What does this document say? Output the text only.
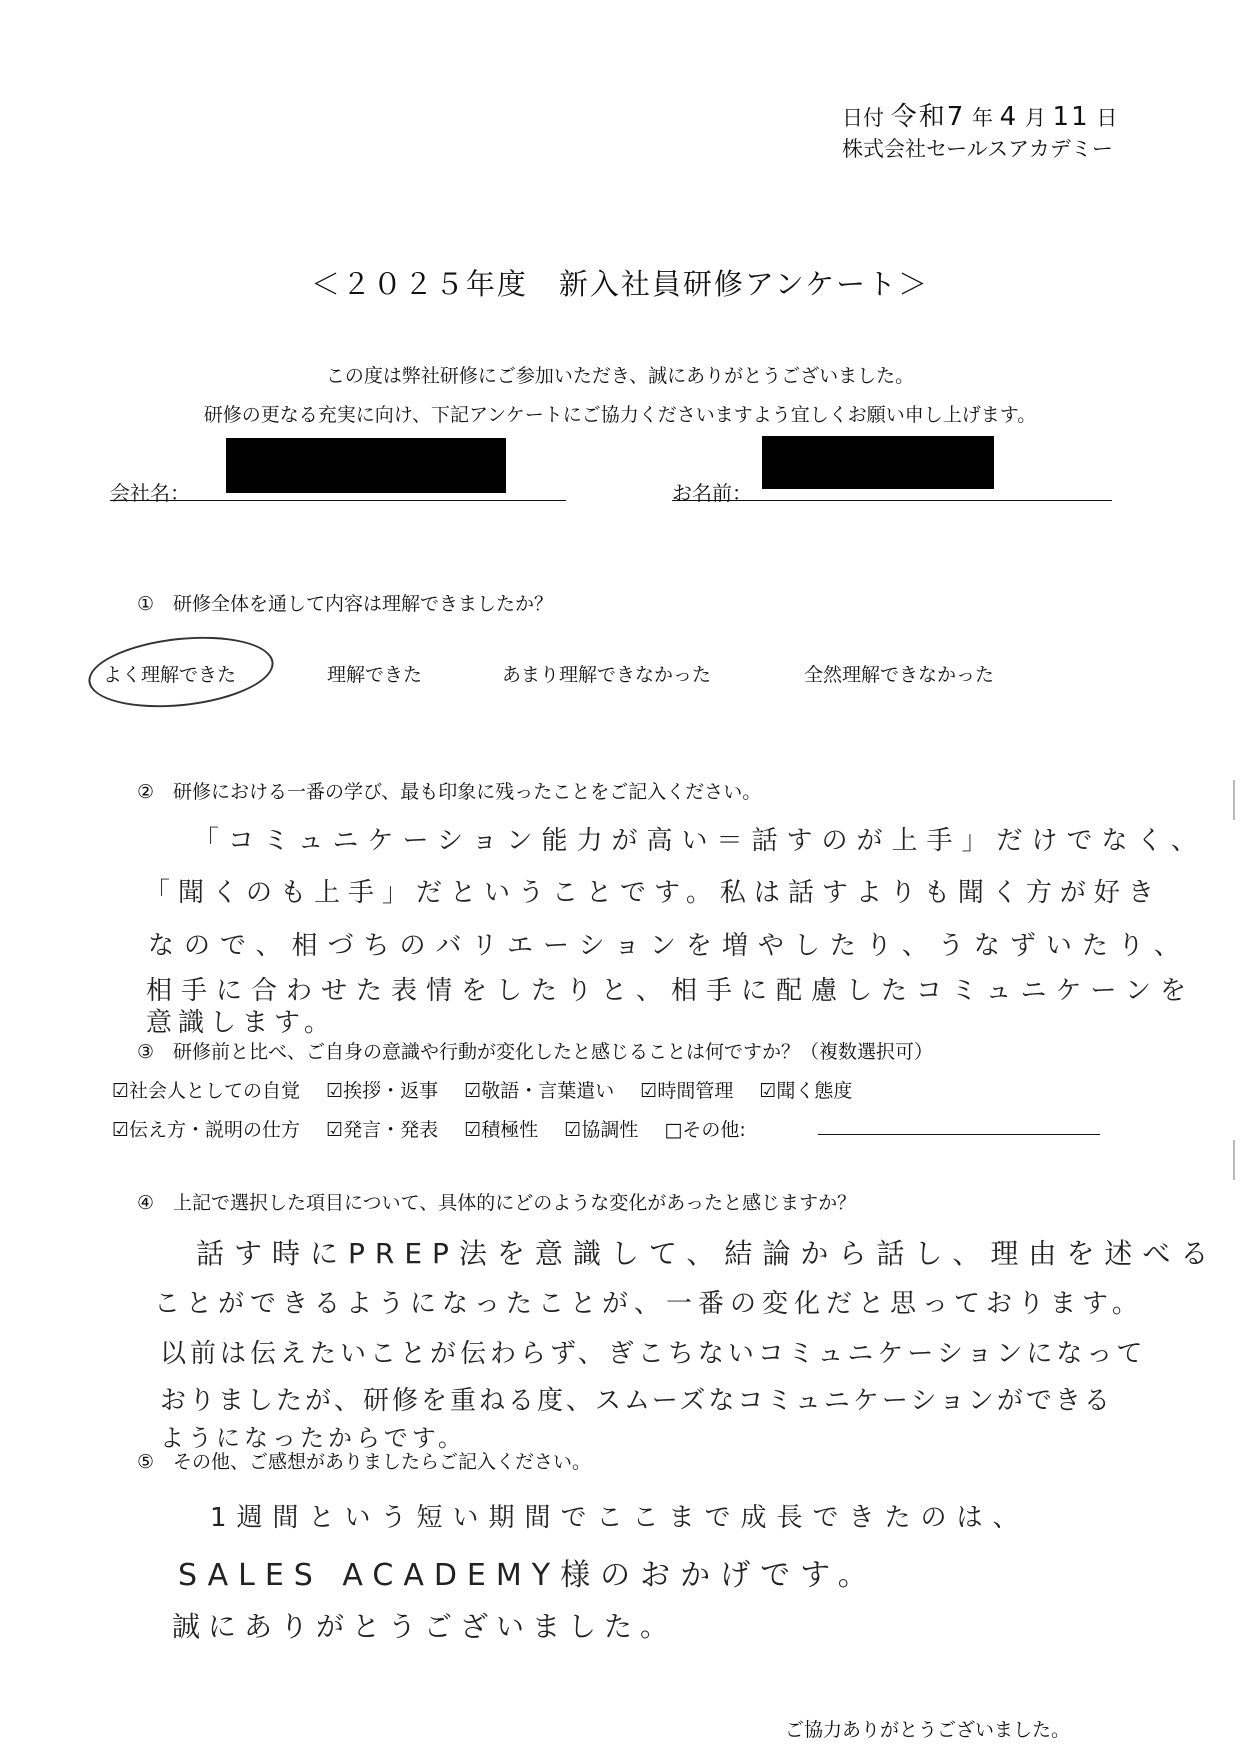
日付 令和7 年 4 月 11 日
株式会社セールスアカデミー
＜２０２５年度　新入社員研修アンケート＞
この度は弊社研修にご参加いただき、誠にありがとうございました。
研修の更なる充実に向け、下記アンケートにご協力くださいますよう宜しくお願い申し上げます。
会社名：	お名前：
①　研修全体を通して内容は理解できましたか？
よく理解できた	理解できた	あまり理解できなかった	全然理解できなかった
②　研修における一番の学び、最も印象に残ったことをご記入ください。
「コミュニケーション能力が高い＝話すのが上手」だけでなく、
「聞くのも上手」だということです。私は話すよりも聞く方が好き
なので、相づちのバリエーションを増やしたり、うなずいたり、
相手に合わせた表情をしたりと、相手に配慮したコミュニケーンを
意識します。
③　研修前と比べ、ご自身の意識や行動が変化したと感じることは何ですか？（複数選択可）
☑社会人としての自覚 ☑挨拶・返事 ☑敬語・言葉遣い ☑時間管理 ☑聞く態度
☑伝え方・説明の仕方 ☑発言・発表 ☑積極性 ☑協調性 □その他:
④　上記で選択した項目について、具体的にどのような変化があったと感じますか？
話す時にPREP法を意識して、結論から話し、理由を述べる
ことができるようになったことが、一番の変化だと思っております。
以前は伝えたいことが伝わらず、ぎこちないコミュニケーションになって
おりましたが、研修を重ねる度、スムーズなコミュニケーションができる
ようになったからです。
⑤　その他、ご感想がありましたらご記入ください。
1週間という短い期間でここまで成長できたのは、
SALES ACADEMY様のおかげです。
誠にありがとうございました。
ご協力ありがとうございました。
